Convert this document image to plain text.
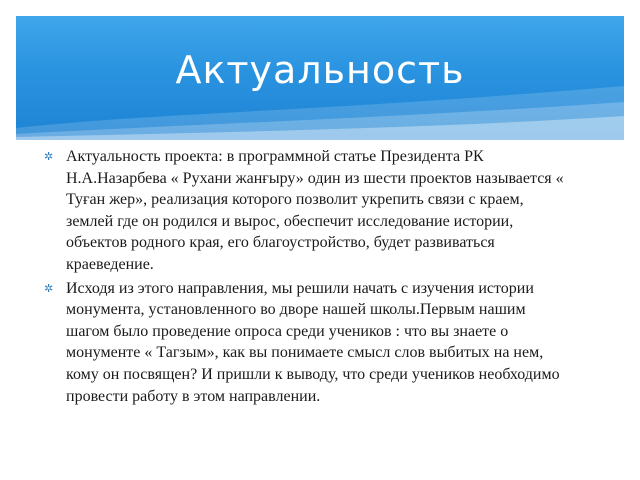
Актуальность
✲ Актуальность проекта: в программной статье Президента РК Н.А.Назарбева « Рухани жанғыру» один из шести проектов называется « Туған жер», реализация которого позволит укрепить связи с краем, землей где он родился и вырос, обеспечит исследование истории, объектов родного края, его благоустройство, будет развиваться краеведение.
✲ Исходя из этого направления, мы решили начать с изучения истории монумента, установленного во дворе нашей школы.Первым нашим шагом было проведение опроса среди учеников : что вы знаете о монументе « Тагзым», как вы понимаете смысл слов выбитых на нем, кому он посвящен? И пришли к выводу, что среди учеников необходимо провести работу в этом направлении.
